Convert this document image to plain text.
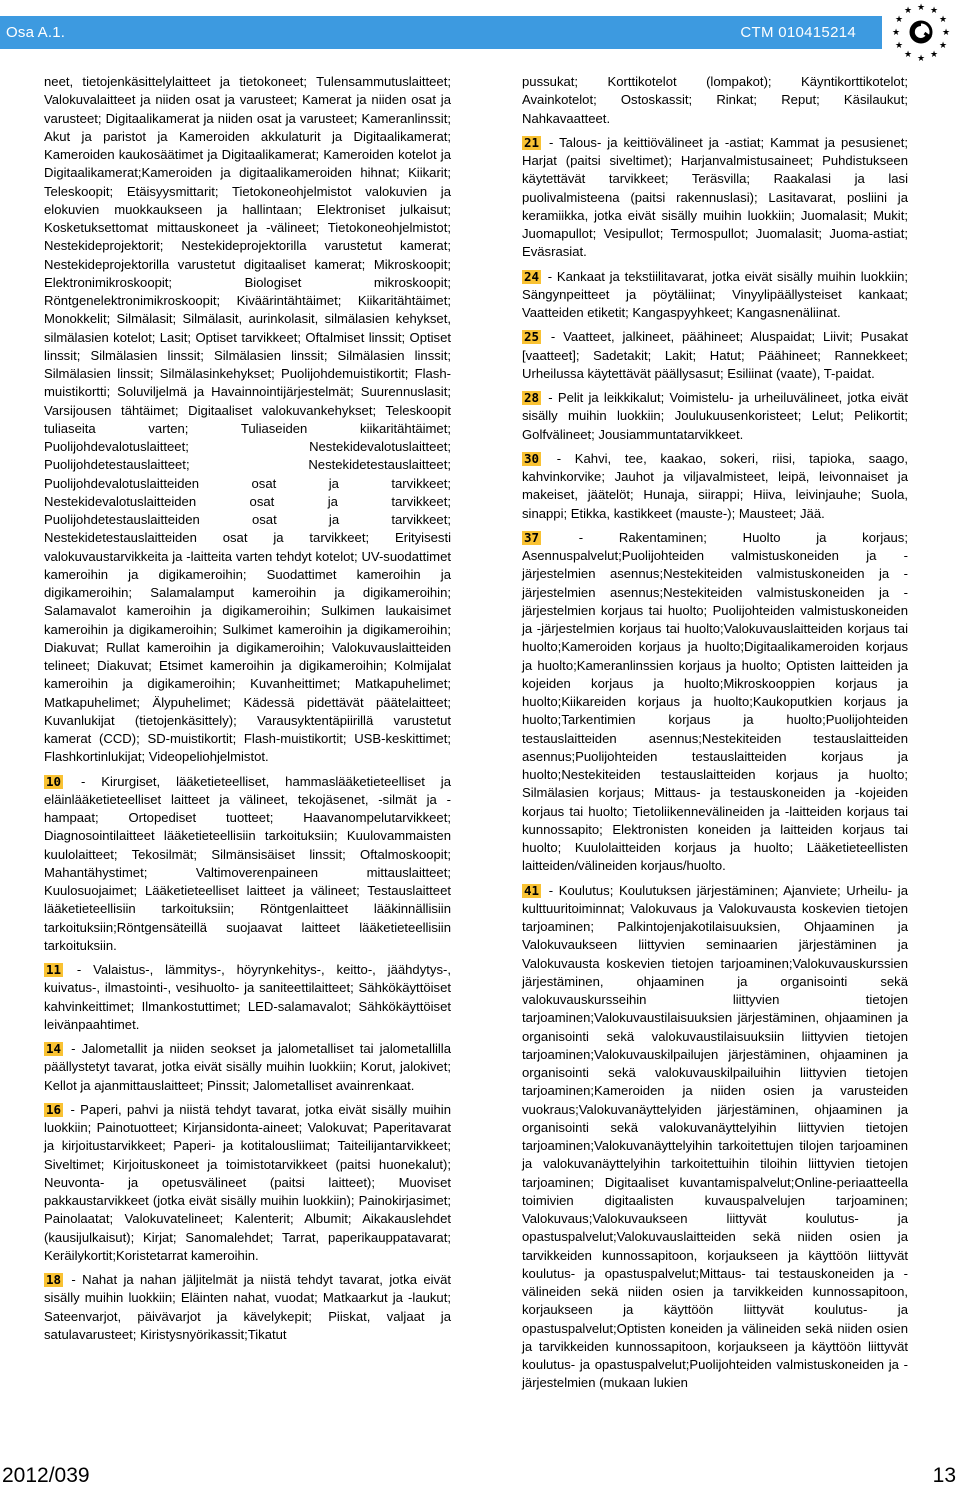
Osa A.1.	CTM 010415214
★ ★
★
★
★
★
★
★
★
★
★
★

neet, tietojenkäsittelylaitteet ja tietokoneet; Tulensammutuslaitteet; Valokuvalaitteet ja niiden osat ja varusteet; Kamerat ja niiden osat ja varusteet; Digitaalikamerat ja niiden osat ja varusteet; Kameranlinssit; Akut ja paristot ja Kameroiden akkulaturit ja Digitaalikamerat; Kameroiden kaukosäätimet ja Digitaalikamerat; Kameroiden kotelot ja Digitaalikamerat;Kameroiden ja digitaalikameroiden hihnat; Kiikarit; Teleskoopit; Etäisyysmittarit; Tietokoneohjelmistot valokuvien ja elokuvien muokkaukseen ja hallintaan; Elektroniset julkaisut; Kosketuksettomat mittauskoneet ja -välineet; Tietokoneohjelmistot; Nestekideprojektorit; Nestekideprojektorilla varustetut kamerat; Nestekideprojektorilla varustetut digitaaliset kamerat; Mikroskoopit; Elektronimikroskoopit; Biologiset mikroskoopit; Röntgenelektronimikroskoopit; Kiväärintähtäimet; Kiikaritähtäimet; Monokkelit; Silmälasit; Silmälasit, aurinkolasit, silmälasien kehykset, silmälasien kotelot; Lasit; Optiset tarvikkeet; Oftalmiset linssit; Optiset linssit; Silmälasien linssit; Silmälasien linssit; Silmälasien linssit; Silmälasien linssit; Silmälasinkehykset; Puolijohdemuistikortit; Flash-muistikortti; Soluviljelmä ja Havainnointijärjestelmät; Suurennuslasit; Varsijousen tähtäimet; Digitaaliset valokuvankehykset; Teleskoopit tuliaseita varten; Tuliaseiden kiikaritähtäimet; Puolijohdevalotuslaitteet; Nestekidevalotuslaitteet; Puolijohdetestauslaitteet; Nestekidetestauslaitteet; Puolijohdevalotuslaitteiden osat ja tarvikkeet; Nestekidevalotuslaitteiden osat ja tarvikkeet; Puolijohdetestauslaitteiden osat ja tarvikkeet; Nestekidetestauslaitteiden osat ja tarvikkeet; Erityisesti valokuvaustarvikkeita ja -laitteita varten tehdyt kotelot; UV-suodattimet kameroihin ja digikameroihin; Suodattimet kameroihin ja digikameroihin; Salamalamput kameroihin ja digikameroihin; Salamavalot kameroihin ja digikameroihin; Sulkimen laukaisimet kameroihin ja digikameroihin; Sulkimet kameroihin ja digikameroihin; Diakuvat; Rullat kameroihin ja digikameroihin; Valokuvauslaitteiden telineet; Diakuvat; Etsimet kameroihin ja digikameroihin; Kolmijalat kameroihin ja digikameroihin; Kuvanheittimet; Matkapuhelimet; Matkapuhelimet; Älypuhelimet; Kädessä pidettävät päätelaitteet; Kuvanlukijat (tietojenkäsittely); Varausyktentäpiirillä varustetut kamerat (CCD); SD-muistikortit; Flash-muistikortit; USB-keskittimet; Flashkortinlukijat; Videopeliohjelmistot.

10 - Kirurgiset, lääketieteelliset, hammaslääketieteelliset ja eläinlääketieteelliset laitteet ja välineet, tekojäsenet, -silmät ja -hampaat; Ortopediset tuotteet; Haavanompelutarvikkeet; Diagnosointilaitteet lääketieteellisiin tarkoituksiin; Kuulovammaisten kuulolaitteet; Tekosilmät; Silmänsisäiset linssit; Oftalmoskoopit; Mahantähystimet; Valtimoverenpaineen mittauslaitteet; Kuulosuojaimet; Lääketieteelliset laitteet ja välineet; Testauslaitteet lääketieteellisiin tarkoituksiin; Röntgenlaitteet lääkinnällisiin tarkoituksiin;Röntgensäteillä suojaavat laitteet lääketieteellisiin tarkoituksiin.

11 - Valaistus-, lämmitys-, höyrynkehitys-, keitto-, jäähdytys-, kuivatus-, ilmastointi-, vesihuolto- ja saniteettilaitteet; Sähkökäyttöiset kahvinkeittimet; Ilmankostuttimet; LED-salamavalot; Sähkökäyttöiset leivänpaahtimet.

14 - Jalometallit ja niiden seokset ja jalometalliset tai jalometallilla päällystetyt tavarat, jotka eivät sisälly muihin luokkiin; Korut, jalokivet; Kellot ja ajanmittauslaitteet; Pinssit; Jalometalliset avainrenkaat.

16 - Paperi, pahvi ja niistä tehdyt tavarat, jotka eivät sisälly muihin luokkiin; Painotuotteet; Kirjansidonta-aineet; Valokuvat; Paperitavarat ja kirjoitustarvikkeet; Paperi- ja kotitalousliimat; Taiteilijantarvikkeet; Siveltimet; Kirjoituskoneet ja toimistotarvikkeet (paitsi huonekalut); Neuvonta- ja opetusvälineet (paitsi laitteet); Muoviset pakkaustarvikkeet (jotka eivät sisälly muihin luokkiin); Painokirjasimet; Painolaatat; Valokuvatelineet; Kalenterit; Albumit; Aikakauslehdet (kausijulkaisut); Kirjat; Sanomalehdet; Tarrat, paperikauppatavarat; Keräilykortit;Koristetarrat kameroihin.

18 - Nahat ja nahan jäljitelmät ja niistä tehdyt tavarat, jotka eivät sisälly muihin luokkiin; Eläinten nahat, vuodat; Matkaarkut ja -laukut; Sateenvarjot, päivävarjot ja kävelykepit; Piiskat, valjaat ja satulavarusteet; Kiristysnyörikassit;Tikatut

pussukat; Korttikotelot (lompakot); Käyntikorttikotelot; Avainkotelot; Ostoskassit; Rinkat; Reput; Käsilaukut; Nahkavaatteet.

21 - Talous- ja keittiövälineet ja -astiat; Kammat ja pesusienet; Harjat (paitsi siveltimet); Harjanvalmistusaineet; Puhdistukseen käytettävät tarvikkeet; Teräsvilla; Raakalasi ja lasi puolivalmisteena (paitsi rakennuslasi); Lasitavarat, posliini ja keramiikka, jotka eivät sisälly muihin luokkiin; Juomalasit; Mukit; Juomapullot; Vesipullot; Termospullot; Juomalasit; Juoma-astiat; Eväsrasiat.

24 - Kankaat ja tekstiilitavarat, jotka eivät sisälly muihin luokkiin; Sängynpeitteet ja pöytäliinat; Vinyylipäällysteiset kankaat; Vaatteiden etiketit; Kangaspyyhkeet; Kangasnenäliinat.

25 - Vaatteet, jalkineet, päähineet; Aluspaidat; Liivit; Pusakat [vaatteet]; Sadetakit; Lakit; Hatut; Päähineet; Rannekkeet; Urheilussa käytettävät päällysasut; Esiliinat (vaate), T-paidat.

28 - Pelit ja leikkikalut; Voimistelu- ja urheiluvälineet, jotka eivät sisälly muihin luokkiin; Joulukuusenkoristeet; Lelut; Pelikortit; Golfvälineet; Jousiammuntatarvikkeet.

30 - Kahvi, tee, kaakao, sokeri, riisi, tapioka, saago, kahvinkorvike; Jauhot ja viljavalmisteet, leipä, leivonnaiset ja makeiset, jäätelöt; Hunaja, siirappi; Hiiva, leivinjauhe; Suola, sinappi; Etikka, kastikkeet (mauste-); Mausteet; Jää.

37 - Rakentaminen; Huolto ja korjaus; Asennuspalvelut;Puolijohteiden valmistuskoneiden ja -järjestelmien asennus;Nestekiteiden valmistuskoneiden ja -järjestelmien asennus;Nestekiteiden valmistuskoneiden ja -järjestelmien korjaus tai huolto; Puolijohteiden valmistuskoneiden ja -järjestelmien korjaus tai huolto;Valokuvauslaitteiden korjaus tai huolto;Kameroiden korjaus ja huolto;Digitaalikameroiden korjaus ja huolto;Kameranlinssien korjaus ja huolto; Optisten laitteiden ja kojeiden korjaus ja huolto;Mikroskooppien korjaus ja huolto;Kiikareiden korjaus ja huolto;Kaukoputkien korjaus ja huolto;Tarkentimien korjaus ja huolto;Puolijohteiden testauslaitteiden asennus;Nestekiteiden testauslaitteiden asennus;Puolijohteiden testauslaitteiden korjaus ja huolto;Nestekiteiden testauslaitteiden korjaus ja huolto; Silmälasien korjaus; Mittaus- ja testauskoneiden ja -kojeiden korjaus tai huolto; Tietoliikennevälineiden ja -laitteiden korjaus tai kunnossapito; Elektronisten koneiden ja laitteiden korjaus tai huolto; Kuulolaitteiden korjaus ja huolto; Lääketieteellisten laitteiden/välineiden korjaus/huolto.

41 - Koulutus; Koulutuksen järjestäminen; Ajanviete; Urheilu- ja kulttuuritoiminnat; Valokuvaus ja Valokuvausta koskevien tietojen tarjoaminen; Palkintojenjakotilaisuuksien, Ohjaaminen ja Valokuvaukseen liittyvien seminaarien järjestäminen ja Valokuvausta koskevien tietojen tarjoaminen;Valokuvauskurssien järjestäminen, ohjaaminen ja organisointi sekä valokuvauskursseihin liittyvien tietojen tarjoaminen;Valokuvaustilaisuuksien järjestäminen, ohjaaminen ja organisointi sekä valokuvaustilaisuuksiin liittyvien tietojen tarjoaminen;Valokuvauskilpailujen järjestäminen, ohjaaminen ja organisointi sekä valokuvauskilpailuihin liittyvien tietojen tarjoaminen;Kameroiden ja niiden osien ja varusteiden vuokraus;Valokuvanäyttelyiden järjestäminen, ohjaaminen ja organisointi sekä valokuvanäyttelyihin liittyvien tietojen tarjoaminen;Valokuvanäyttelyihin tarkoitettujen tilojen tarjoaminen ja valokuvanäyttelyihin tarkoitettuihin tiloihin liittyvien tietojen tarjoaminen; Digitaaliset kuvantamispalvelut;Online-periaatteella toimivien digitaalisten kuvauspalvelujen tarjoaminen; Valokuvaus;Valokuvaukseen liittyvät koulutus- ja opastuspalvelut;Valokuvauslaitteiden sekä niiden osien ja tarvikkeiden kunnossapitoon, korjaukseen ja käyttöön liittyvät koulutus- ja opastuspalvelut;Mittaus- tai testauskoneiden ja -välineiden sekä niiden osien ja tarvikkeiden kunnossapitoon, korjaukseen ja käyttöön liittyvät koulutus- ja opastuspalvelut;Optisten koneiden ja välineiden sekä niiden osien ja tarvikkeiden kunnossapitoon, korjaukseen ja käyttöön liittyvät koulutus- ja opastuspalvelut;Puolijohteiden valmistuskoneiden ja -järjestelmien (mukaan lukien

2012/039	13
